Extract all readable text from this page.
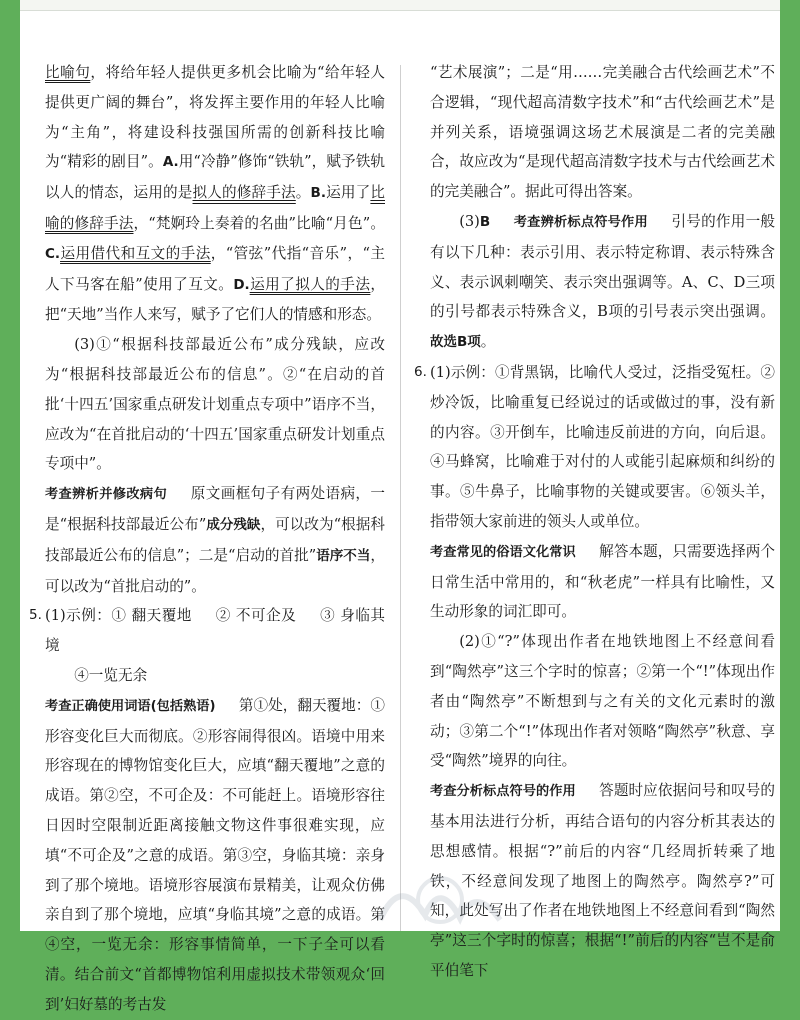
比喻句，将给年轻人提供更多机会比喻为“给年轻人提供更广阔的舞台”，将发挥主要作用的年轻人比喻为“主角”，将建设科技强国所需的创新科技比喻为“精彩的剧目”。A.用“冷静”修饰“铁轨”，赋予铁轨以人的情态，运用的是拟人的修辞手法。B.运用了比喻的修辞手法，“梵婀玲上奏着的名曲”比喻“月色”。C.运用借代和互文的手法，“管弦”代指“音乐”，“主人下马客在船”使用了互文。D.运用了拟人的手法，把“天地”当作人来写，赋予了它们人的情感和形态。

(3)①“根据科技部最近公布”成分残缺，应改为“根据科技部最近公布的信息”。②“在启动的首批‘十四五’国家重点研发计划重点专项中”语序不当，应改为“在首批启动的‘十四五’国家重点研发计划重点专项中”。

考查辨析并修改病句 原文画框句子有两处语病，一是“根据科技部最近公布”成分残缺，可以改为“根据科技部最近公布的信息”；二是“启动的首批”语序不当，可以改为“首批启动的”。

5. (1)示例：① 翻天覆地 ② 不可企及 ③ 身临其境

④一览无余

考查正确使用词语(包括熟语) 第①处，翻天覆地：①形容变化巨大而彻底。②形容闹得很凶。语境中用来形容现在的博物馆变化巨大，应填“翻天覆地”之意的成语。第②空，不可企及：不可能赶上。语境形容往日因时空限制近距离接触文物这件事很难实现，应填“不可企及”之意的成语。第③空，身临其境：亲身到了那个境地。语境形容展演布景精美，让观众仿佛亲自到了那个境地，应填“身临其境”之意的成语。第④空，一览无余：形容事情简单，一下子全可以看清。结合前文“首都博物馆利用虚拟技术带领观众‘回到’妇好墓的考古发

“艺术展演”；二是“用……完美融合古代绘画艺术”不合逻辑，“现代超高清数字技术”和“古代绘画艺术”是并列关系，语境强调这场艺术展演是二者的完美融合，故应改为“是现代超高清数字技术与古代绘画艺术的完美融合”。据此可得出答案。

(3)B 考查辨析标点符号作用 引号的作用一般有以下几种：表示引用、表示特定称谓、表示特殊含义、表示讽刺嘲笑、表示突出强调等。A、C、D三项的引号都表示特殊含义，B项的引号表示突出强调。故选B项。

6. (1)示例：①背黑锅，比喻代人受过，泛指受冤枉。②炒冷饭，比喻重复已经说过的话或做过的事，没有新的内容。③开倒车，比喻违反前进的方向，向后退。④马蜂窝，比喻难于对付的人或能引起麻烦和纠纷的事。⑤牛鼻子，比喻事物的关键或要害。⑥领头羊，指带领大家前进的领头人或单位。

考查常见的俗语文化常识 解答本题，只需要选择两个日常生活中常用的，和“秋老虎”一样具有比喻性，又生动形象的词汇即可。

(2)①“?”体现出作者在地铁地图上不经意间看到“陶然亭”这三个字时的惊喜；②第一个“!”体现出作者由“陶然亭”不断想到与之有关的文化元素时的激动；③第二个“!”体现出作者对领略“陶然亭”秋意、享受“陶然”境界的向往。

考查分析标点符号的作用 答题时应依据问号和叹号的基本用法进行分析，再结合语句的内容分析其表达的思想感情。根据“?”前后的内容“几经周折转乘了地铁，不经意间发现了地图上的陶然亭。陶然亭?”可知，此处写出了作者在地铁地图上不经意间看到“陶然亭”这三个字时的惊喜；根据“!”前后的内容“岂不是俞平伯笔下
